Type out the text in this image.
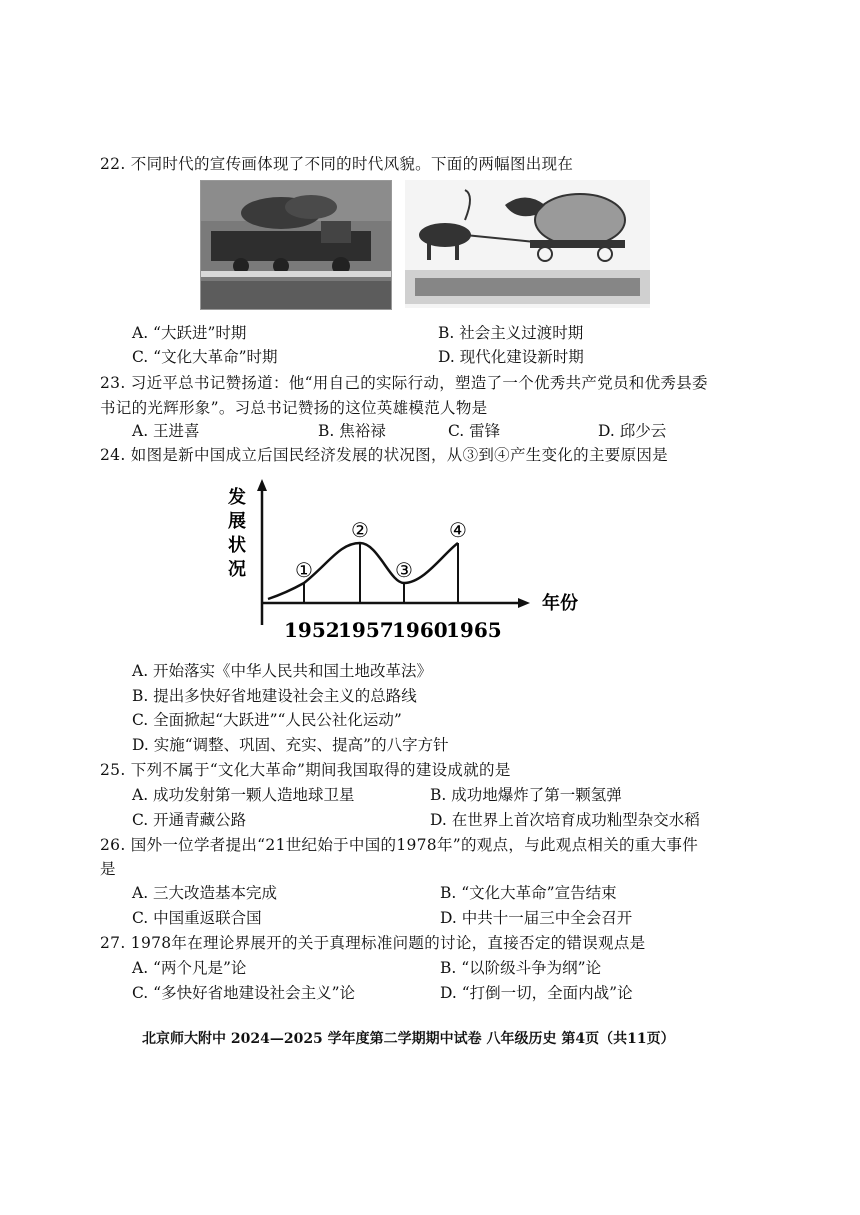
22. 不同时代的宣传画体现了不同的时代风貌。下面的两幅图出现在
A. “大跃进”时期	B. 社会主义过渡时期
C. “文化大革命”时期	D. 现代化建设新时期
23. 习近平总书记赞扬道：他“用自己的实际行动，塑造了一个优秀共产党员和优秀县委
书记的光辉形象”。习总书记赞扬的这位英雄模范人物是
A. 王进喜	B. 焦裕禄	C. 雷锋	D. 邱少云
24. 如图是新中国成立后国民经济发展的状况图，从③到④产生变化的主要原因是
发
展
状
况
年份
①
1952
②
1957
③
1960
④
1965
A. 开始落实《中华人民共和国土地改革法》
B. 提出多快好省地建设社会主义的总路线
C. 全面掀起“大跃进”“人民公社化运动”
D. 实施“调整、巩固、充实、提高”的八字方针
25. 下列不属于“文化大革命”期间我国取得的建设成就的是
A. 成功发射第一颗人造地球卫星	B. 成功地爆炸了第一颗氢弹
C. 开通青藏公路	D. 在世界上首次培育成功籼型杂交水稻
26. 国外一位学者提出“21世纪始于中国的1978年”的观点，与此观点相关的重大事件
是
A. 三大改造基本完成	B. “文化大革命”宣告结束
C. 中国重返联合国	D. 中共十一届三中全会召开
27. 1978年在理论界展开的关于真理标准问题的讨论，直接否定的错误观点是
A. “两个凡是”论	B. “以阶级斗争为纲”论
C. “多快好省地建设社会主义”论	D. “打倒一切，全面内战”论
北京师大附中 2024—2025 学年度第二学期期中试卷 八年级历史 第4页（共11页）
